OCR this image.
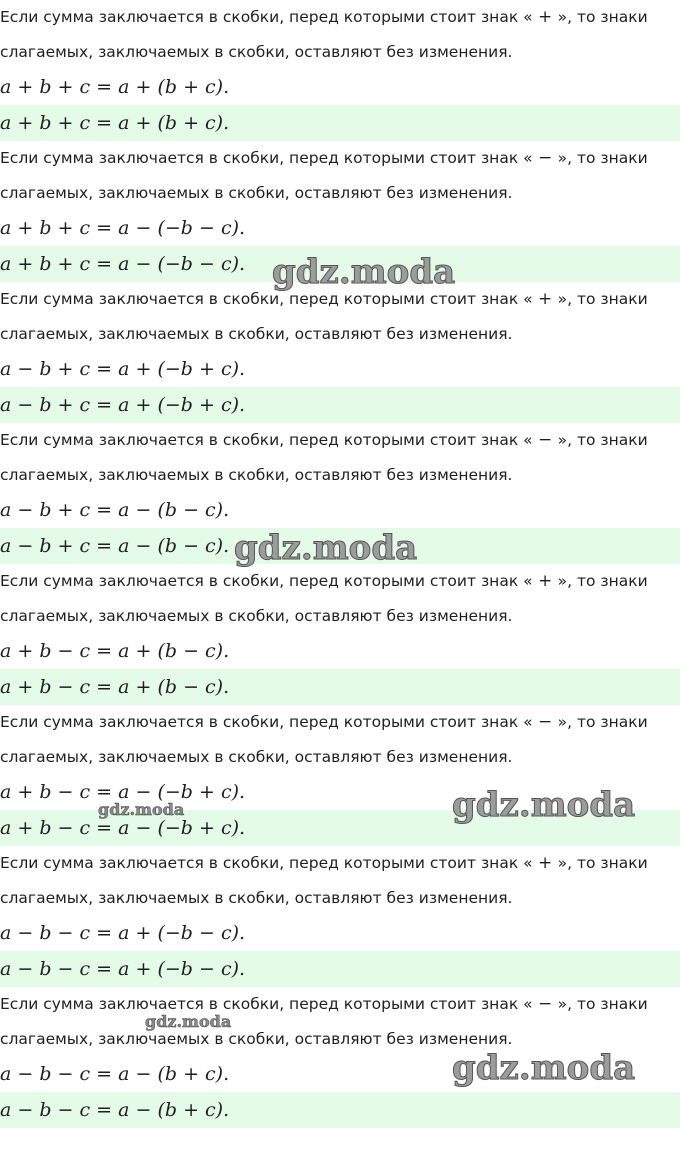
Если сумма заключается в скобки, перед которыми стоит знак « + », то знаки
слагаемых, заключаемых в скобки, оставляют без изменения.
a + b + c = a + (b + c).
a + b + c = a + (b + c).
Если сумма заключается в скобки, перед которыми стоит знак « − », то знаки
слагаемых, заключаемых в скобки, оставляют без изменения.
a + b + c = a − (−b − c).
a + b + c = a − (−b − c).
Если сумма заключается в скобки, перед которыми стоит знак « + », то знаки
слагаемых, заключаемых в скобки, оставляют без изменения.
a − b + c = a + (−b + c).
a − b + c = a + (−b + c).
Если сумма заключается в скобки, перед которыми стоит знак « − », то знаки
слагаемых, заключаемых в скобки, оставляют без изменения.
a − b + c = a − (b − c).
a − b + c = a − (b − c).
Если сумма заключается в скобки, перед которыми стоит знак « + », то знаки
слагаемых, заключаемых в скобки, оставляют без изменения.
a + b − c = a + (b − c).
a + b − c = a + (b − c).
Если сумма заключается в скобки, перед которыми стоит знак « − », то знаки
слагаемых, заключаемых в скобки, оставляют без изменения.
a + b − c = a − (−b + c).
a + b − c = a − (−b + c).
Если сумма заключается в скобки, перед которыми стоит знак « + », то знаки
слагаемых, заключаемых в скобки, оставляют без изменения.
a − b − c = a + (−b − c).
a − b − c = a + (−b − c).
Если сумма заключается в скобки, перед которыми стоит знак « − », то знаки
слагаемых, заключаемых в скобки, оставляют без изменения.
a − b − c = a − (b + c).
a − b − c = a − (b + c).
gdz.moda
gdz.moda
gdz.moda
gdz.moda
gdz.moda
gdz.moda
